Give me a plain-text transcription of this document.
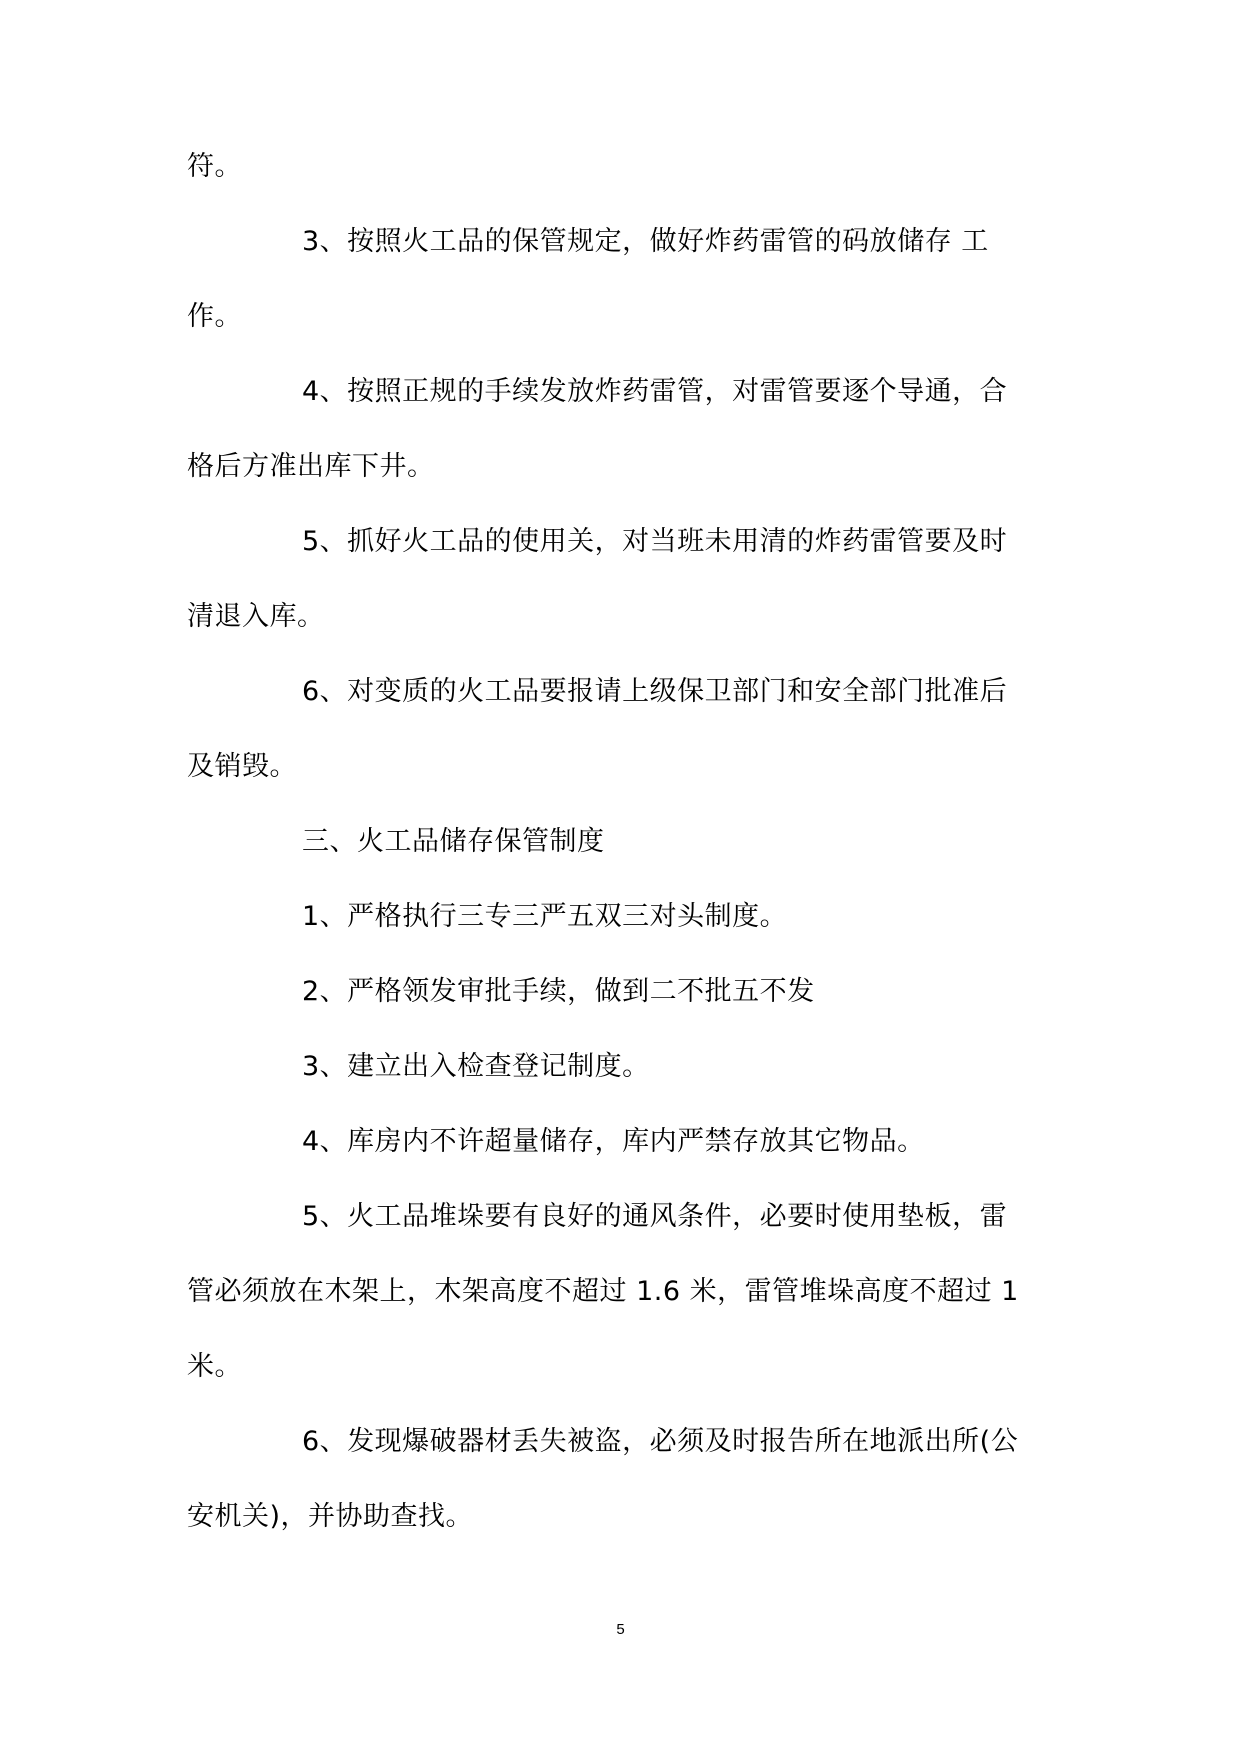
符。
3、按照火工品的保管规定，做好炸药雷管的码放储存 工
作。
4、按照正规的手续发放炸药雷管，对雷管要逐个导通，合
格后方准出库下井。
5、抓好火工品的使用关，对当班未用清的炸药雷管要及时
清退入库。
6、对变质的火工品要报请上级保卫部门和安全部门批准后
及销毁。
三、火工品储存保管制度
1、严格执行三专三严五双三对头制度。
2、严格领发审批手续，做到二不批五不发
3、建立出入检查登记制度。
4、库房内不许超量储存，库内严禁存放其它物品。
5、火工品堆垛要有良好的通风条件，必要时使用垫板，雷
管必须放在木架上，木架高度不超过 1.6 米，雷管堆垛高度不超过 1
米。
6、发现爆破器材丢失被盗，必须及时报告所在地派出所(公
安机关)，并协助查找。
5
